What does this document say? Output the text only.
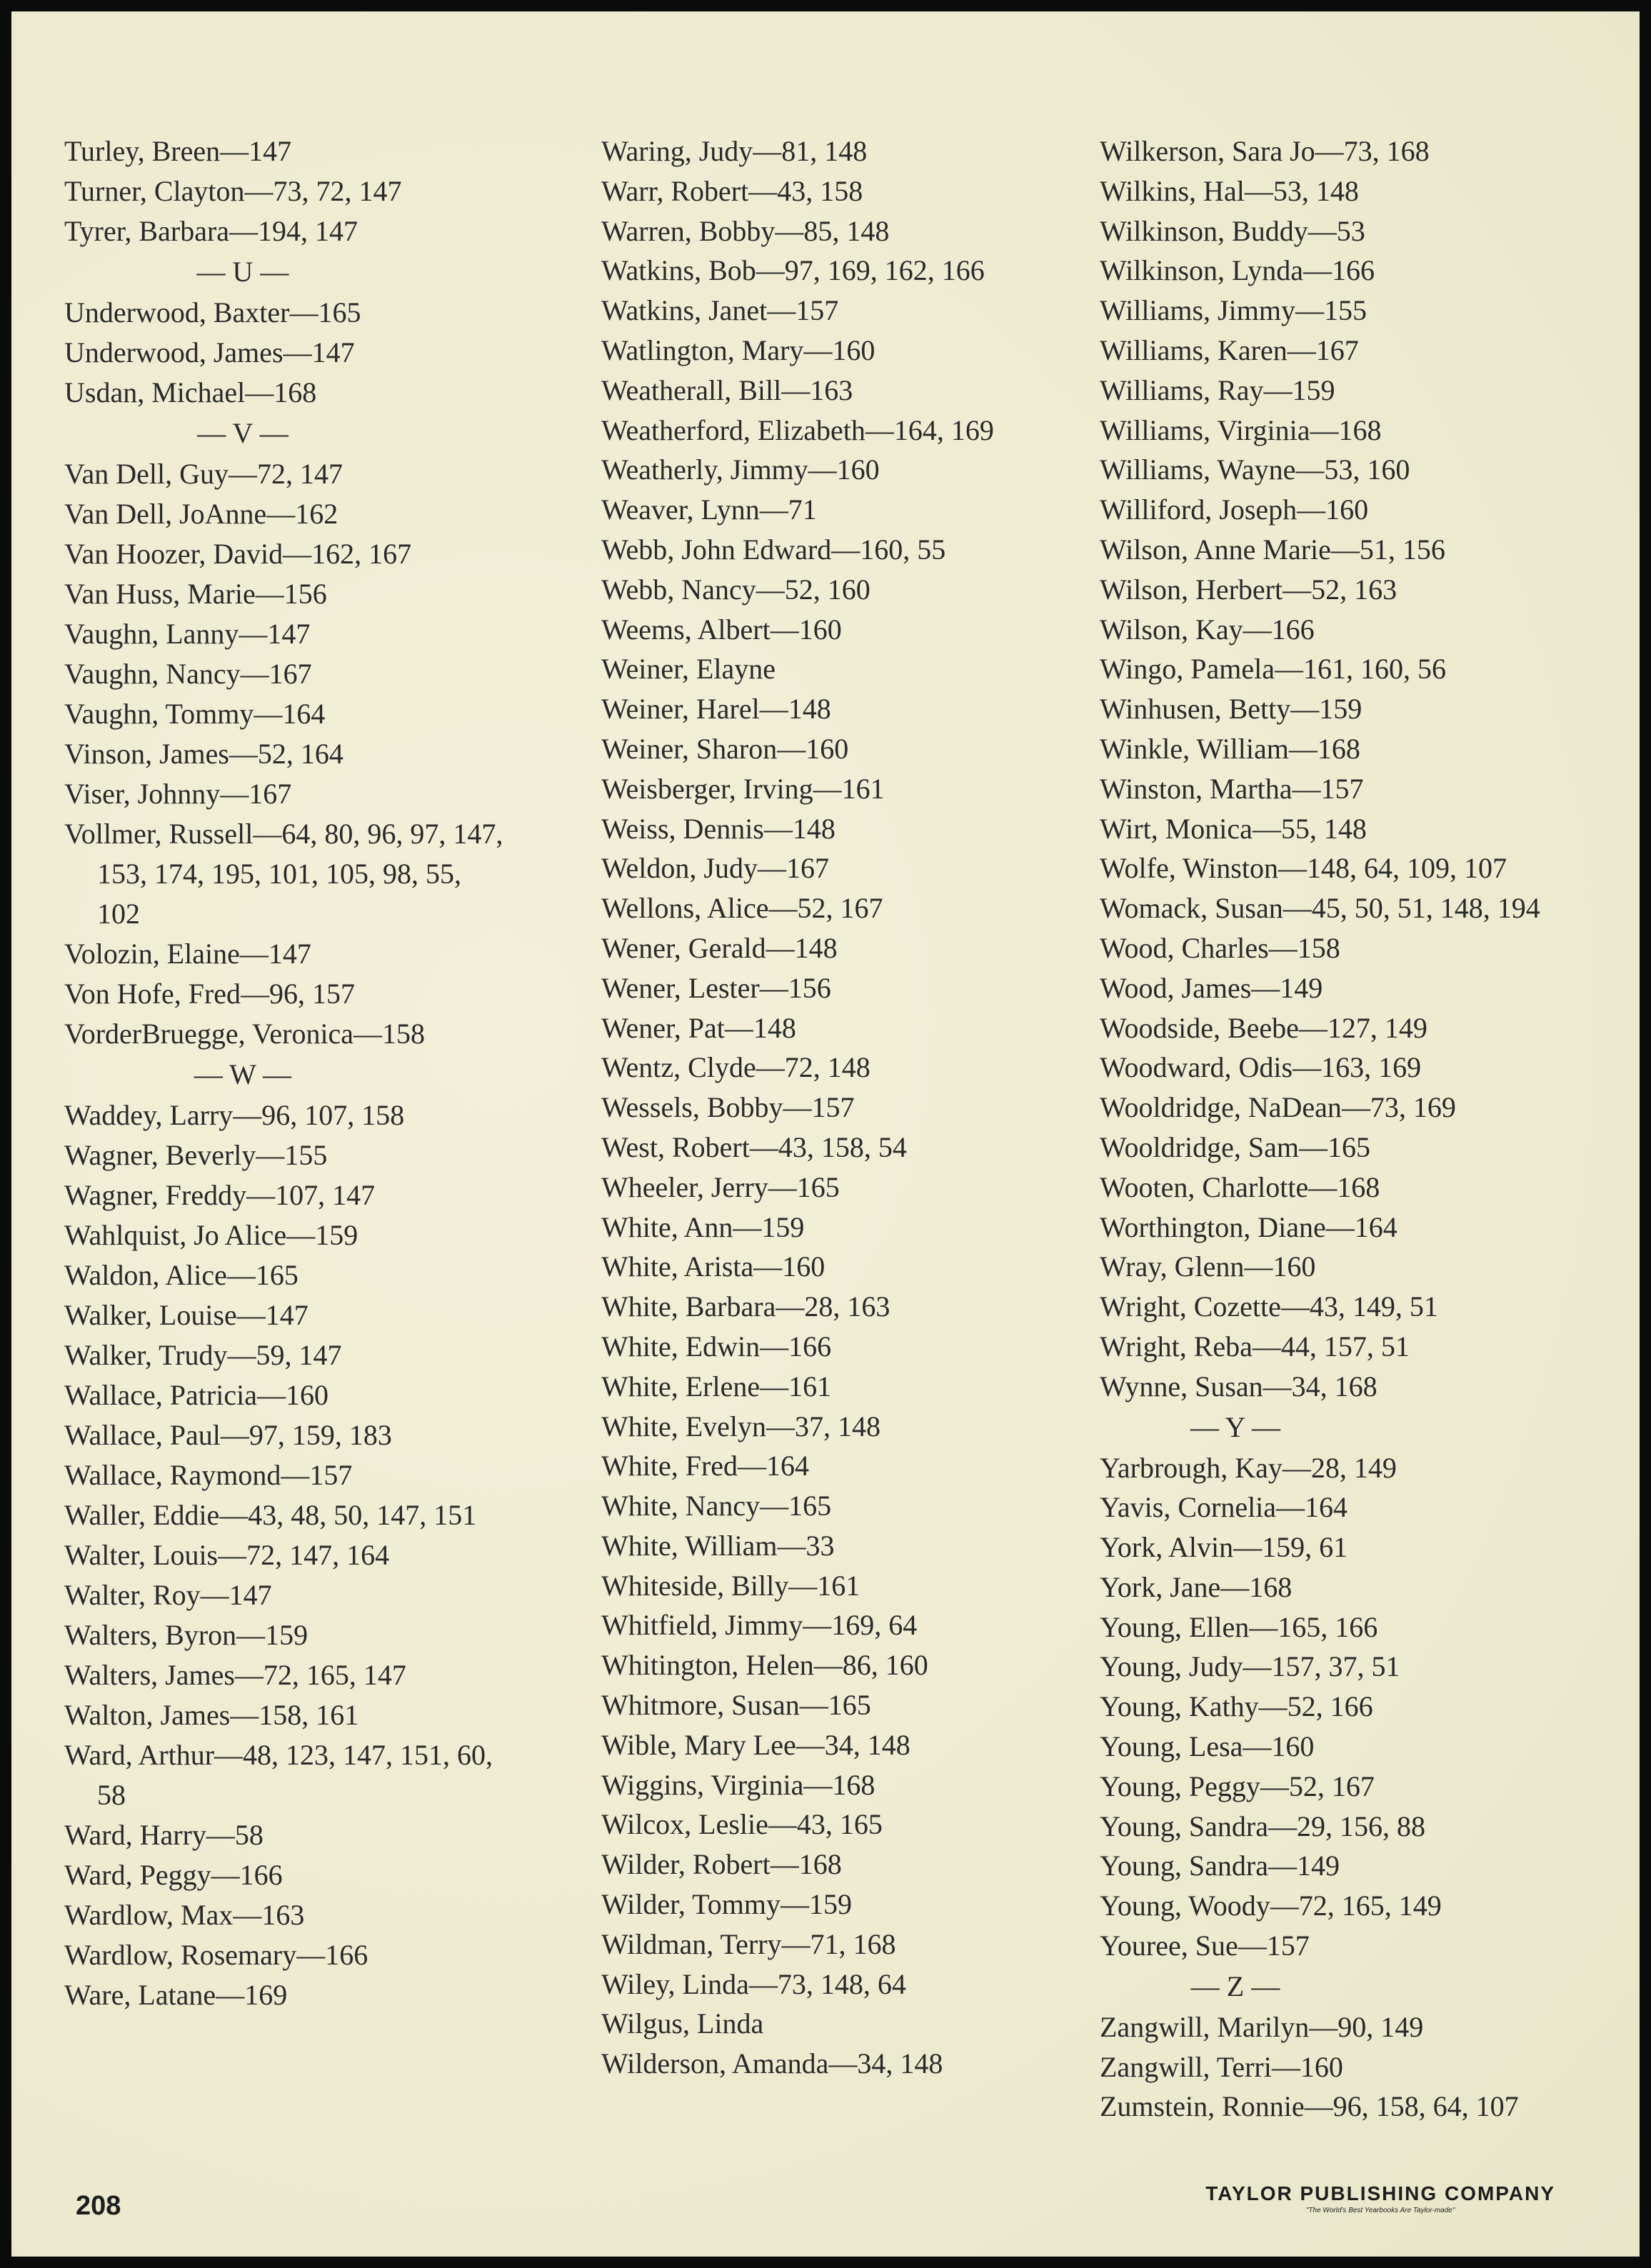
Turley, Breen—147
Turner, Clayton—73, 72, 147
Tyrer, Barbara—194, 147
— U —
Underwood, Baxter—165
Underwood, James—147
Usdan, Michael—168
— V —
Van Dell, Guy—72, 147
Van Dell, JoAnne—162
Van Hoozer, David—162, 167
Van Huss, Marie—156
Vaughn, Lanny—147
Vaughn, Nancy—167
Vaughn, Tommy—164
Vinson, James—52, 164
Viser, Johnny—167
Vollmer, Russell—64, 80, 96, 97, 147,
153, 174, 195, 101, 105, 98, 55,
102
Volozin, Elaine—147
Von Hofe, Fred—96, 157
VorderBruegge, Veronica—158
— W —
Waddey, Larry—96, 107, 158
Wagner, Beverly—155
Wagner, Freddy—107, 147
Wahlquist, Jo Alice—159
Waldon, Alice—165
Walker, Louise—147
Walker, Trudy—59, 147
Wallace, Patricia—160
Wallace, Paul—97, 159, 183
Wallace, Raymond—157
Waller, Eddie—43, 48, 50, 147, 151
Walter, Louis—72, 147, 164
Walter, Roy—147
Walters, Byron—159
Walters, James—72, 165, 147
Walton, James—158, 161
Ward, Arthur—48, 123, 147, 151, 60,
58
Ward, Harry—58
Ward, Peggy—166
Wardlow, Max—163
Wardlow, Rosemary—166
Ware, Latane—169
Waring, Judy—81, 148
Warr, Robert—43, 158
Warren, Bobby—85, 148
Watkins, Bob—97, 169, 162, 166
Watkins, Janet—157
Watlington, Mary—160
Weatherall, Bill—163
Weatherford, Elizabeth—164, 169
Weatherly, Jimmy—160
Weaver, Lynn—71
Webb, John Edward—160, 55
Webb, Nancy—52, 160
Weems, Albert—160
Weiner, Elayne
Weiner, Harel—148
Weiner, Sharon—160
Weisberger, Irving—161
Weiss, Dennis—148
Weldon, Judy—167
Wellons, Alice—52, 167
Wener, Gerald—148
Wener, Lester—156
Wener, Pat—148
Wentz, Clyde—72, 148
Wessels, Bobby—157
West, Robert—43, 158, 54
Wheeler, Jerry—165
White, Ann—159
White, Arista—160
White, Barbara—28, 163
White, Edwin—166
White, Erlene—161
White, Evelyn—37, 148
White, Fred—164
White, Nancy—165
White, William—33
Whiteside, Billy—161
Whitfield, Jimmy—169, 64
Whitington, Helen—86, 160
Whitmore, Susan—165
Wible, Mary Lee—34, 148
Wiggins, Virginia—168
Wilcox, Leslie—43, 165
Wilder, Robert—168
Wilder, Tommy—159
Wildman, Terry—71, 168
Wiley, Linda—73, 148, 64
Wilgus, Linda
Wilderson, Amanda—34, 148
Wilkerson, Sara Jo—73, 168
Wilkins, Hal—53, 148
Wilkinson, Buddy—53
Wilkinson, Lynda—166
Williams, Jimmy—155
Williams, Karen—167
Williams, Ray—159
Williams, Virginia—168
Williams, Wayne—53, 160
Williford, Joseph—160
Wilson, Anne Marie—51, 156
Wilson, Herbert—52, 163
Wilson, Kay—166
Wingo, Pamela—161, 160, 56
Winhusen, Betty—159
Winkle, William—168
Winston, Martha—157
Wirt, Monica—55, 148
Wolfe, Winston—148, 64, 109, 107
Womack, Susan—45, 50, 51, 148, 194
Wood, Charles—158
Wood, James—149
Woodside, Beebe—127, 149
Woodward, Odis—163, 169
Wooldridge, NaDean—73, 169
Wooldridge, Sam—165
Wooten, Charlotte—168
Worthington, Diane—164
Wray, Glenn—160
Wright, Cozette—43, 149, 51
Wright, Reba—44, 157, 51
Wynne, Susan—34, 168
— Y —
Yarbrough, Kay—28, 149
Yavis, Cornelia—164
York, Alvin—159, 61
York, Jane—168
Young, Ellen—165, 166
Young, Judy—157, 37, 51
Young, Kathy—52, 166
Young, Lesa—160
Young, Peggy—52, 167
Young, Sandra—29, 156, 88
Young, Sandra—149
Young, Woody—72, 165, 149
Youree, Sue—157
— Z —
Zangwill, Marilyn—90, 149
Zangwill, Terri—160
Zumstein, Ronnie—96, 158, 64, 107
208	TAYLOR PUBLISHING COMPANY
"The World's Best Yearbooks Are Taylor-made"
